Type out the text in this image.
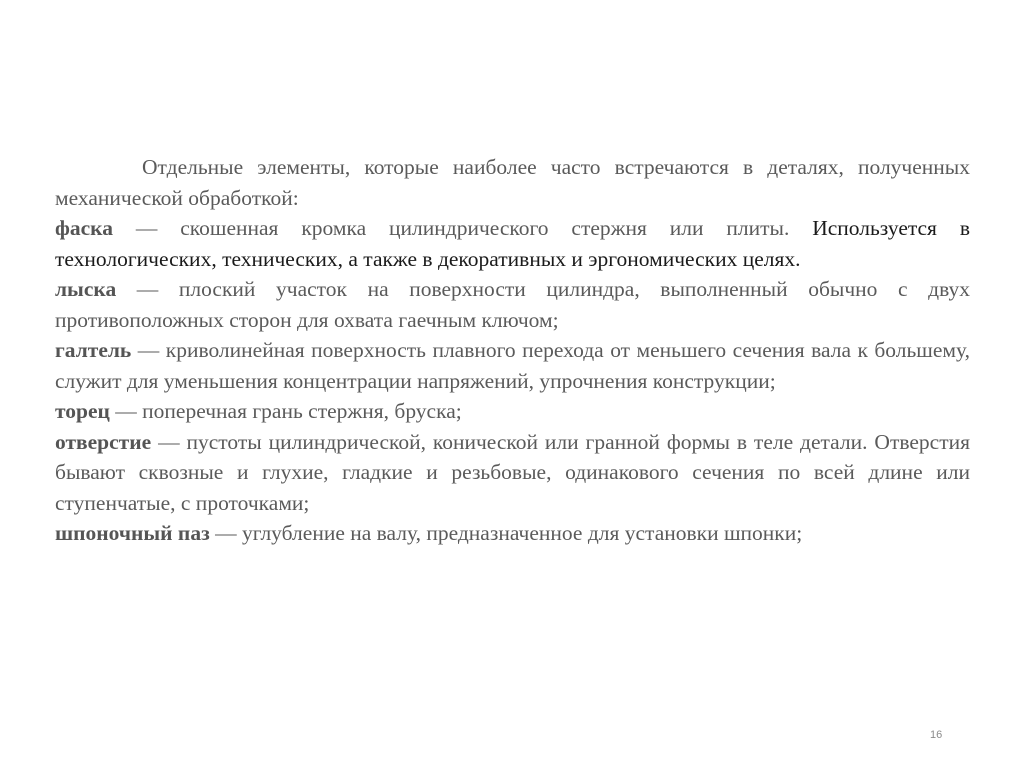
Отдельные элементы, которые наиболее часто встречаются в деталях, полученных механической обработкой:

фаска — скошенная кромка цилиндрического стержня или плиты. Используется в технологических, технических, а также в декоративных и эргономических целях.

лыска — плоский участок на поверхности цилиндра, выполненный обычно с двух противоположных сторон для охвата гаечным ключом;

галтель — криволинейная поверхность плавного перехода от меньшего сечения вала к большему, служит для уменьшения концентрации напряжений, упрочнения конструкции;

торец — поперечная грань стержня, бруска;

отверстие — пустоты цилиндрической, конической или гранной формы в теле детали. Отверстия бывают сквозные и глухие, гладкие и резьбовые, одинакового сечения по всей длине или ступенчатые, с проточками;

шпоночный паз — углубление на валу, предназначенное для установки шпонки;

16
